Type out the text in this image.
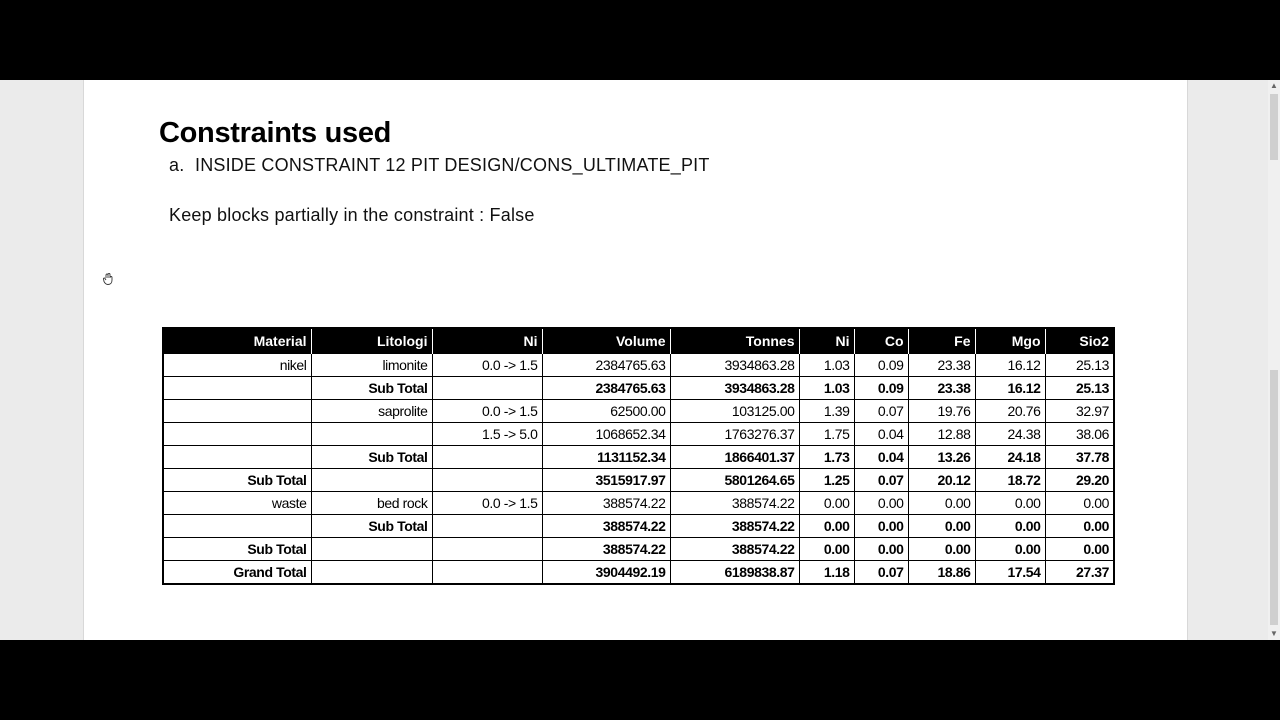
Constraints used
a. INSIDE CONSTRAINT 12 PIT DESIGN/CONS_ULTIMATE_PIT
Keep blocks partially in the constraint : False
Material	Litologi	Ni	Volume	Tonnes	Ni	Co	Fe	Mgo	Sio2
nikel	limonite	0.0 -> 1.5	2384765.63	3934863.28	1.03	0.09	23.38	16.12	25.13
	Sub Total		2384765.63	3934863.28	1.03	0.09	23.38	16.12	25.13
	saprolite	0.0 -> 1.5	62500.00	103125.00	1.39	0.07	19.76	20.76	32.97
		1.5 -> 5.0	1068652.34	1763276.37	1.75	0.04	12.88	24.38	38.06
	Sub Total		1131152.34	1866401.37	1.73	0.04	13.26	24.18	37.78
Sub Total			3515917.97	5801264.65	1.25	0.07	20.12	18.72	29.20
waste	bed rock	0.0 -> 1.5	388574.22	388574.22	0.00	0.00	0.00	0.00	0.00
	Sub Total		388574.22	388574.22	0.00	0.00	0.00	0.00	0.00
Sub Total			388574.22	388574.22	0.00	0.00	0.00	0.00	0.00
Grand Total			3904492.19	6189838.87	1.18	0.07	18.86	17.54	27.37
▲
▼
